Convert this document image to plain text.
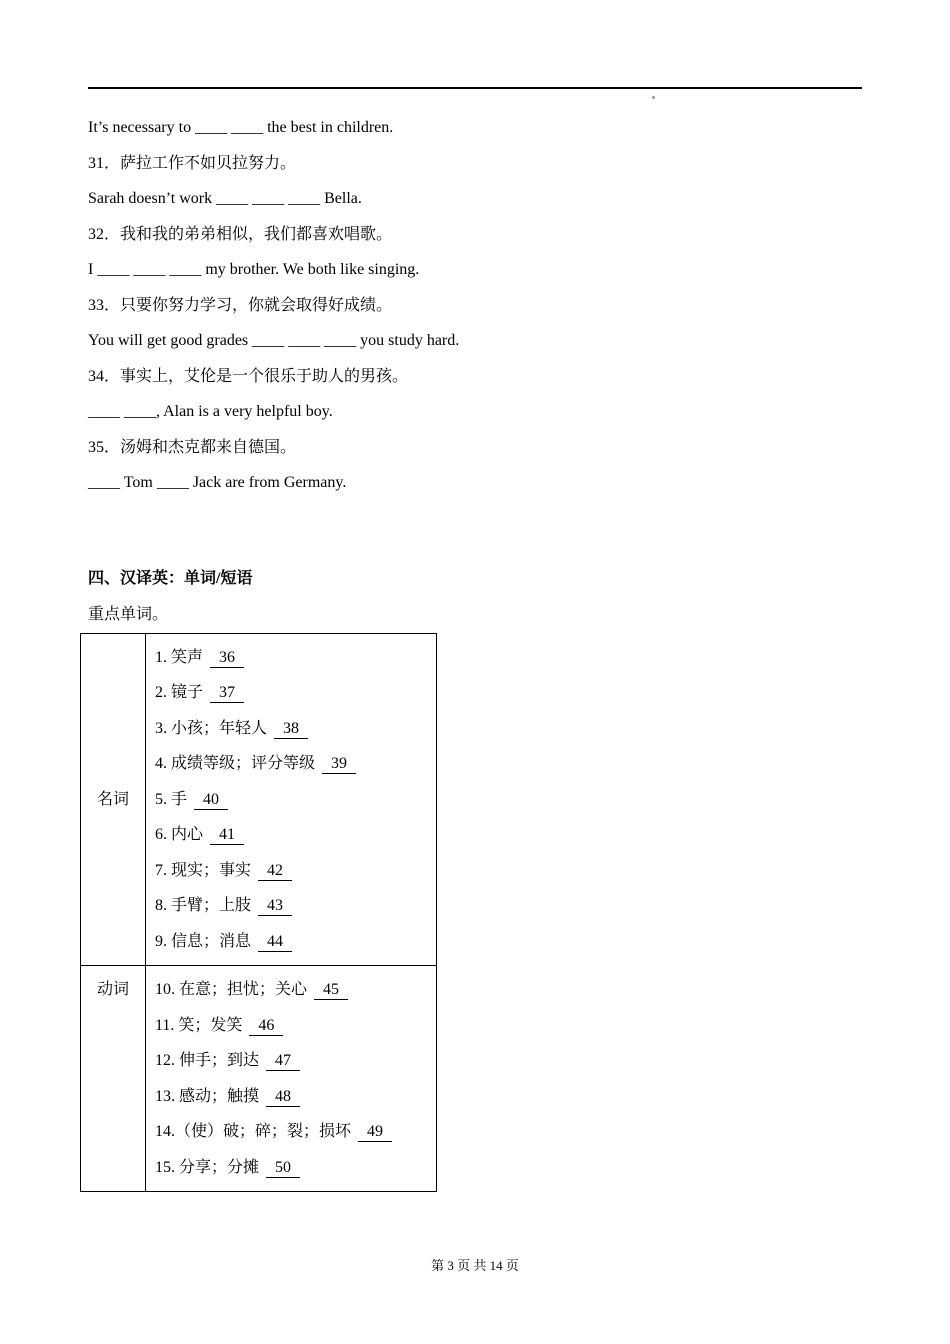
It’s necessary to ____ ____ the best in children.

31．萨拉工作不如贝拉努力。

Sarah doesn’t work ____ ____ ____ Bella.

32．我和我的弟弟相似，我们都喜欢唱歌。

I ____ ____ ____ my brother. We both like singing.

33．只要你努力学习，你就会取得好成绩。

You will get good grades ____ ____ ____ you study hard.

34．事实上，艾伦是一个很乐于助人的男孩。

____ ____, Alan is a very helpful boy.

35．汤姆和杰克都来自德国。

____ Tom ____ Jack are from Germany.

四、汉译英：单词/短语

重点单词。

名词	
1. 笑声 36
2. 镜子 37
3. 小孩；年轻人 38
4. 成绩等级；评分等级 39
5. 手 40
6. 内心 41
7. 现实；事实 42
8. 手臂；上肢 43
9. 信息；消息 44

动词	10. 在意；担忧；关心 45
11. 笑；发笑 46
12. 伸手；到达 47
13. 感动；触摸 48
14.（使）破；碎；裂；损坏 49
15. 分享；分摊 50
第 3 页 共 14 页
